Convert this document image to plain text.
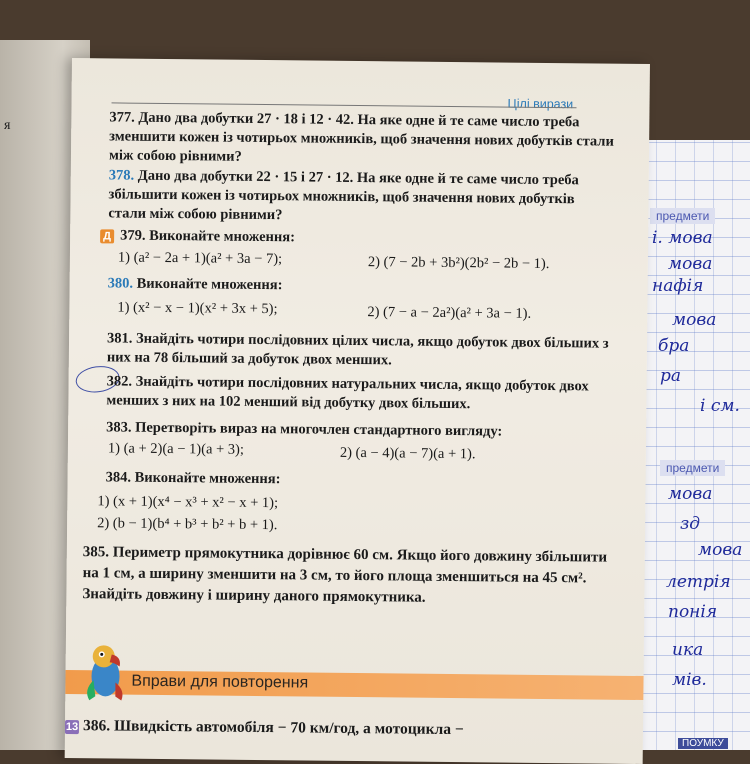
я
предмети
і. мова
мова
нафія
мова
бра
ра
і см.
предмети
мова
зд
мова
летрія
понія
ика
мів.
ПОУМКУ
Цілі вирази
377. Дано два добутки 27 · 18 і 12 · 42. На яке одне й те саме число треба зменшити кожен із чотирьох множників, щоб значення нових добутків стали між собою рівними?
378. Дано два добутки 22 · 15 і 27 · 12. На яке одне й те саме число треба збільшити кожен із чотирьох множників, щоб значення нових добутків стали між собою рівними?
Д 379. Виконайте множення:
1) (a² − 2a + 1)(a² + 3a − 7);	2) (7 − 2b + 3b²)(2b² − 2b − 1).
380. Виконайте множення:
1) (x² − x − 1)(x² + 3x + 5);	2) (7 − a − 2a²)(a² + 3a − 1).
381. Знайдіть чотири послідовних цілих числа, якщо добуток двох більших з них на 78 більший за добуток двох менших.
382. Знайдіть чотири послідовних натуральних числа, якщо добуток двох менших з них на 102 менший від добутку двох більших.
383. Перетворіть вираз на многочлен стандартного вигляду:
1) (a + 2)(a − 1)(a + 3);	2) (a − 4)(a − 7)(a + 1).
384. Виконайте множення:
1) (x + 1)(x⁴ − x³ + x² − x + 1);
2) (b − 1)(b⁴ + b³ + b² + b + 1).
385. Периметр прямокутника дорівнює 60 см. Якщо його довжину збільшити на 1 см, а ширину зменшити на 3 см, то його площа зменшиться на 45 см². Знайдіть довжину і ширину даного прямокутника.
Вправи для повторення
13 386. Швидкість автомобіля − 70 км/год, а мотоцикла −
